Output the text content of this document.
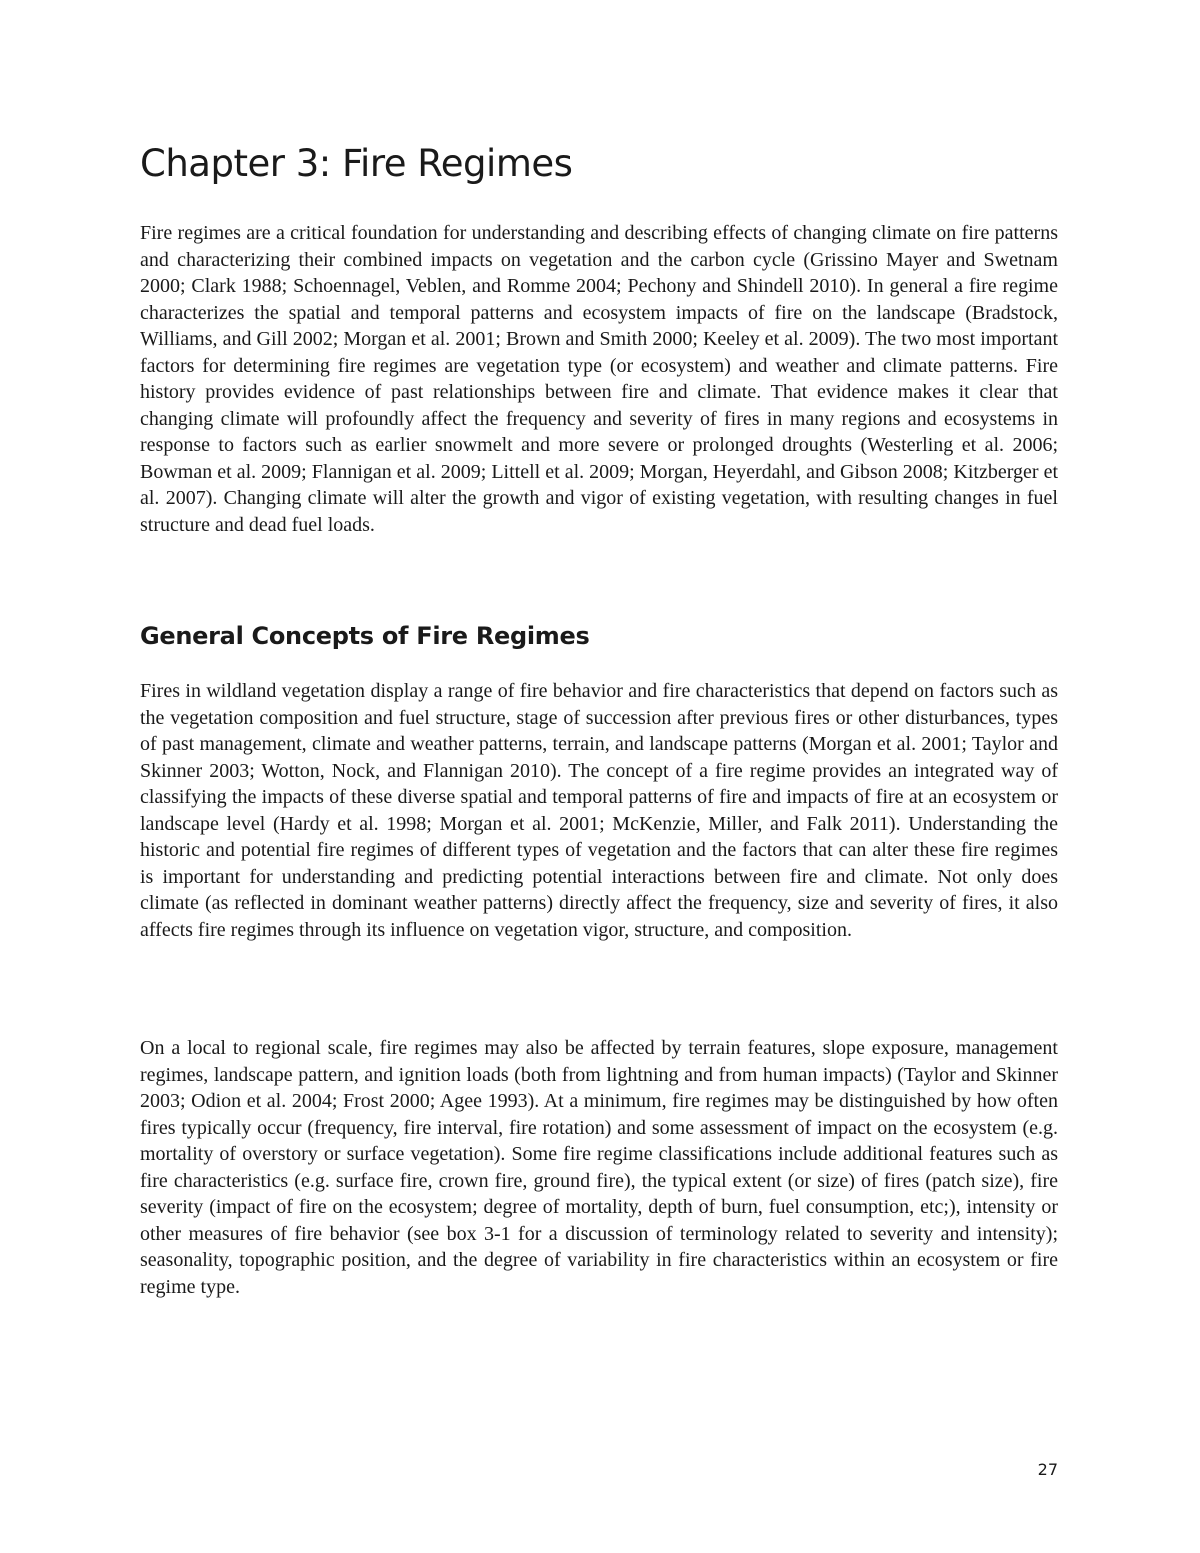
Chapter 3: Fire Regimes

Fire regimes are a critical foundation for understanding and describing effects of changing climate on fire patterns and characterizing their combined impacts on vegetation and the carbon cycle (Grissino Mayer and Swetnam 2000; Clark 1988; Schoennagel, Veblen, and Romme 2004; Pechony and Shindell 2010). In general a fire regime characterizes the spatial and temporal patterns and ecosystem impacts of fire on the landscape (Bradstock, Williams, and Gill 2002; Morgan et al. 2001; Brown and Smith 2000; Keeley et al. 2009). The two most important factors for determining fire regimes are vegetation type (or ecosystem) and weather and climate patterns. Fire history provides evidence of past relationships between fire and climate. That evidence makes it clear that changing climate will profoundly affect the frequency and severity of fires in many regions and ecosystems in response to factors such as earlier snowmelt and more severe or prolonged droughts (Westerling et al. 2006; Bowman et al. 2009; Flannigan et al. 2009; Littell et al. 2009; Morgan, Heyerdahl, and Gibson 2008; Kitzberger et al. 2007). Changing climate will alter the growth and vigor of existing vegetation, with resulting changes in fuel structure and dead fuel loads.

General Concepts of Fire Regimes

Fires in wildland vegetation display a range of fire behavior and fire characteristics that depend on factors such as the vegetation composition and fuel structure, stage of succession after previous fires or other disturbances, types of past management, climate and weather patterns, terrain, and landscape patterns (Morgan et al. 2001; Taylor and Skinner 2003; Wotton, Nock, and Flannigan 2010). The concept of a fire regime provides an integrated way of classifying the impacts of these diverse spatial and temporal patterns of fire and impacts of fire at an ecosystem or landscape level (Hardy et al. 1998; Morgan et al. 2001; McKenzie, Miller, and Falk 2011). Understanding the historic and potential fire regimes of different types of vegetation and the factors that can alter these fire regimes is important for understanding and predicting potential interactions between fire and climate. Not only does climate (as reflected in dominant weather patterns) directly affect the frequency, size and severity of fires, it also affects fire regimes through its influence on vegetation vigor, structure, and composition.

On a local to regional scale, fire regimes may also be affected by terrain features, slope exposure, management regimes, landscape pattern, and ignition loads (both from lightning and from human impacts) (Taylor and Skinner 2003; Odion et al. 2004; Frost 2000; Agee 1993). At a minimum, fire regimes may be distinguished by how often fires typically occur (frequency, fire interval, fire rotation) and some assessment of impact on the ecosystem (e.g. mortality of overstory or surface vegetation). Some fire regime classifications include additional features such as fire characteristics (e.g. surface fire, crown fire, ground fire), the typical extent (or size) of fires (patch size), fire severity (impact of fire on the ecosystem; degree of mortality, depth of burn, fuel consumption, etc;), intensity or other measures of fire behavior (see box 3-1 for a discussion of terminology related to severity and intensity); seasonality, topographic position, and the degree of variability in fire characteristics within an ecosystem or fire regime type.

27
